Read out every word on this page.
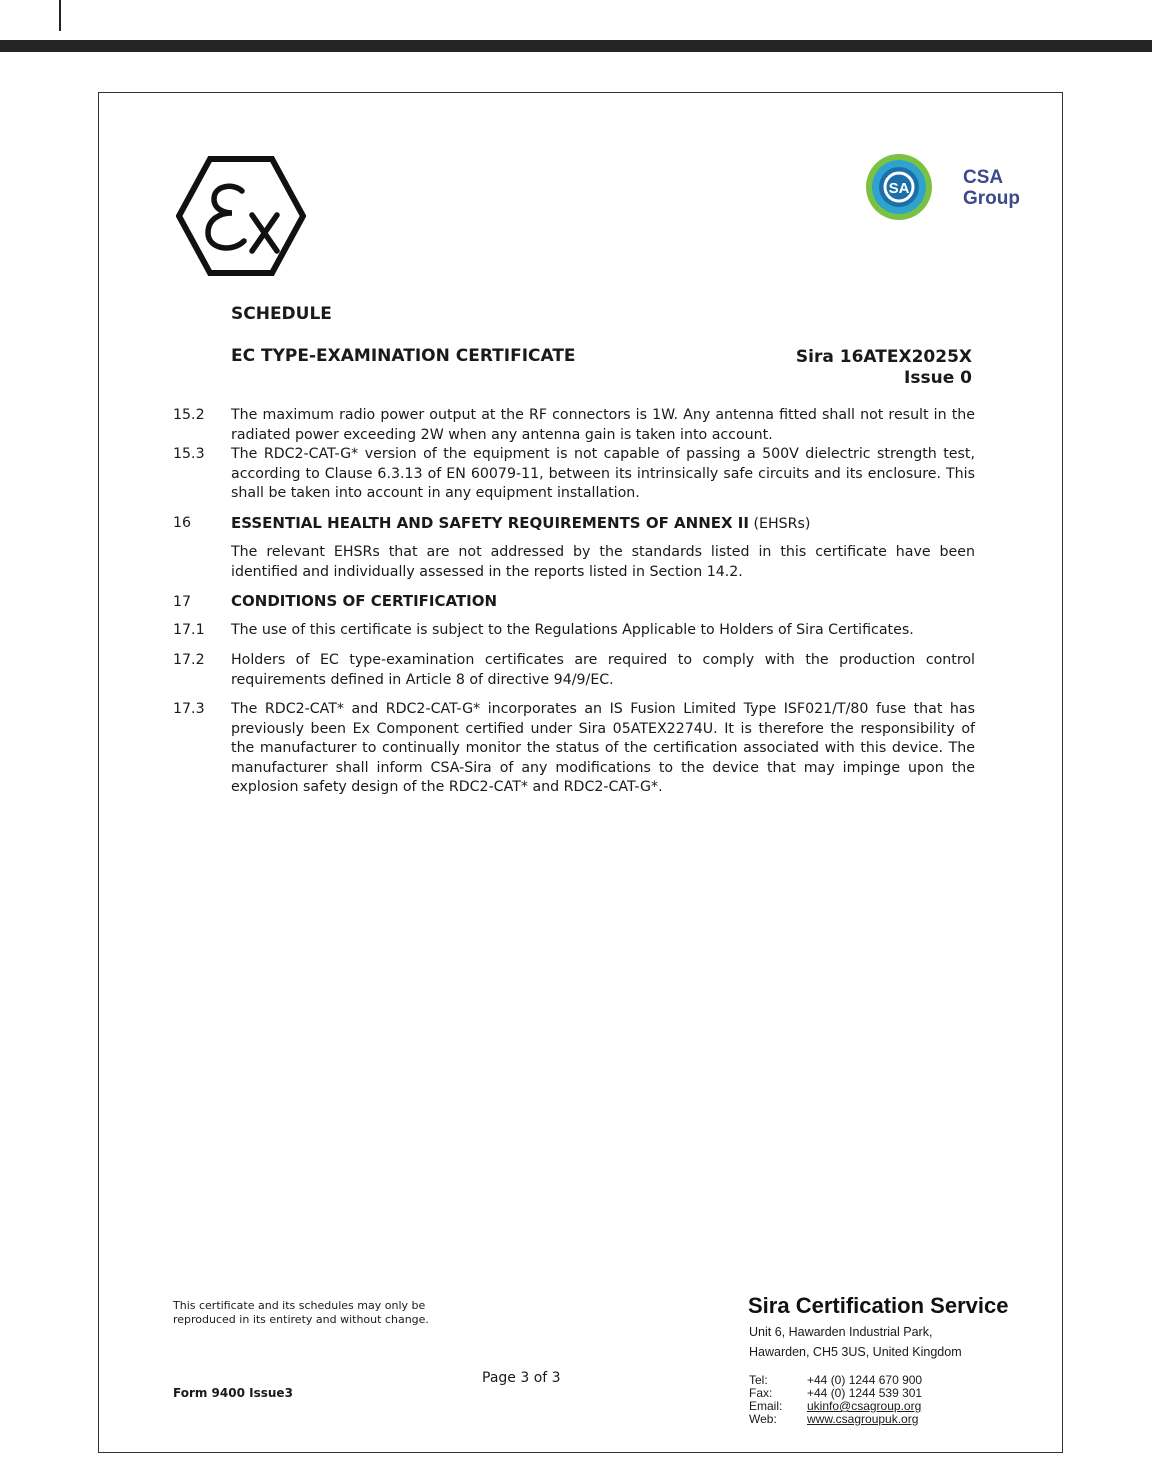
SA
CSA
Group
SCHEDULE
EC TYPE-EXAMINATION CERTIFICATE	Sira 16ATEX2025X
Issue 0
15.2 The maximum radio power output at the RF connectors is 1W. Any antenna fitted shall not result in the radiated power exceeding 2W when any antenna gain is taken into account.
15.3 The RDC2-CAT-G* version of the equipment is not capable of passing a 500V dielectric strength test, according to Clause 6.3.13 of EN 60079-11, between its intrinsically safe circuits and its enclosure. This shall be taken into account in any equipment installation.
16	ESSENTIAL HEALTH AND SAFETY REQUIREMENTS OF ANNEX II (EHSRs)
The relevant EHSRs that are not addressed by the standards listed in this certificate have been identified and individually assessed in the reports listed in Section 14.2.
17	CONDITIONS OF CERTIFICATION
17.1 The use of this certificate is subject to the Regulations Applicable to Holders of Sira Certificates.
17.2 Holders of EC type-examination certificates are required to comply with the production control requirements defined in Article 8 of directive 94/9/EC.
17.3 The RDC2-CAT* and RDC2-CAT-G* incorporates an IS Fusion Limited Type ISF021/T/80 fuse that has previously been Ex Component certified under Sira 05ATEX2274U. It is therefore the responsibility of the manufacturer to continually monitor the status of the certification associated with this device. The manufacturer shall inform CSA-Sira of any modifications to the device that may impinge upon the explosion safety design of the RDC2-CAT* and RDC2-CAT-G*.
This certificate and its schedules may only be reproduced in its entirety and without change.
Form 9400 Issue3
Page 3 of 3
Sira Certification Service
Unit 6, Hawarden Industrial Park,
Hawarden, CH5 3US, United Kingdom
Tel:	+44 (0) 1244 670 900
Fax:	+44 (0) 1244 539 301
Email:	ukinfo@csagroup.org
Web:	www.csagroupuk.org
